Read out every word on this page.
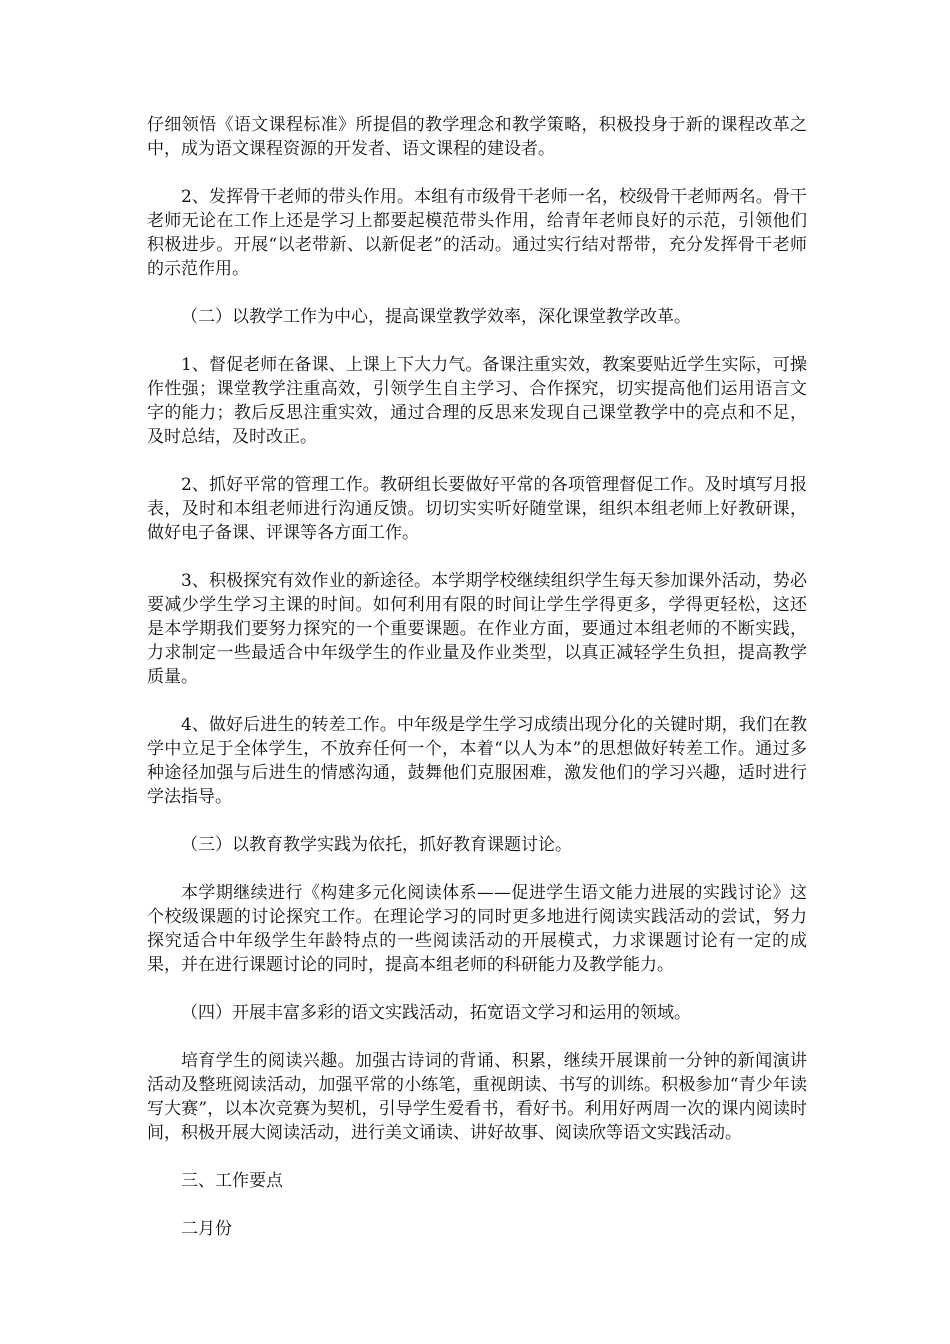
仔细领悟《语文课程标准》所提倡的教学理念和教学策略，积极投身于新的课程改革之中，成为语文课程资源的开发者、语文课程的建设者。

2、发挥骨干老师的带头作用。本组有市级骨干老师一名，校级骨干老师两名。骨干老师无论在工作上还是学习上都要起模范带头作用，给青年老师良好的示范，引领他们积极进步。开展“以老带新、以新促老”的活动。通过实行结对帮带，充分发挥骨干老师的示范作用。

（二）以教学工作为中心，提高课堂教学效率，深化课堂教学改革。

1、督促老师在备课、上课上下大力气。备课注重实效，教案要贴近学生实际，可操作性强；课堂教学注重高效，引领学生自主学习、合作探究，切实提高他们运用语言文字的能力；教后反思注重实效，通过合理的反思来发现自己课堂教学中的亮点和不足，及时总结，及时改正。

2、抓好平常的管理工作。教研组长要做好平常的各项管理督促工作。及时填写月报表，及时和本组老师进行沟通反馈。切切实实听好随堂课，组织本组老师上好教研课，做好电子备课、评课等各方面工作。

3、积极探究有效作业的新途径。本学期学校继续组织学生每天参加课外活动，势必要减少学生学习主课的时间。如何利用有限的时间让学生学得更多，学得更轻松，这还是本学期我们要努力探究的一个重要课题。在作业方面，要通过本组老师的不断实践，力求制定一些最适合中年级学生的作业量及作业类型，以真正减轻学生负担，提高教学质量。

4、做好后进生的转差工作。中年级是学生学习成绩出现分化的关键时期，我们在教学中立足于全体学生，不放弃任何一个，本着“以人为本”的思想做好转差工作。通过多种途径加强与后进生的情感沟通，鼓舞他们克服困难，激发他们的学习兴趣，适时进行学法指导。

（三）以教育教学实践为依托，抓好教育课题讨论。

本学期继续进行《构建多元化阅读体系——促进学生语文能力进展的实践讨论》这个校级课题的讨论探究工作。在理论学习的同时更多地进行阅读实践活动的尝试，努力探究适合中年级学生年龄特点的一些阅读活动的开展模式，力求课题讨论有一定的成果，并在进行课题讨论的同时，提高本组老师的科研能力及教学能力。

（四）开展丰富多彩的语文实践活动，拓宽语文学习和运用的领域。

培育学生的阅读兴趣。加强古诗词的背诵、积累，继续开展课前一分钟的新闻演讲活动及整班阅读活动，加强平常的小练笔，重视朗读、书写的训练。积极参加“青少年读写大赛”，以本次竞赛为契机，引导学生爱看书，看好书。利用好两周一次的课内阅读时间，积极开展大阅读活动，进行美文诵读、讲好故事、阅读欣等语文实践活动。

三、工作要点

二月份
